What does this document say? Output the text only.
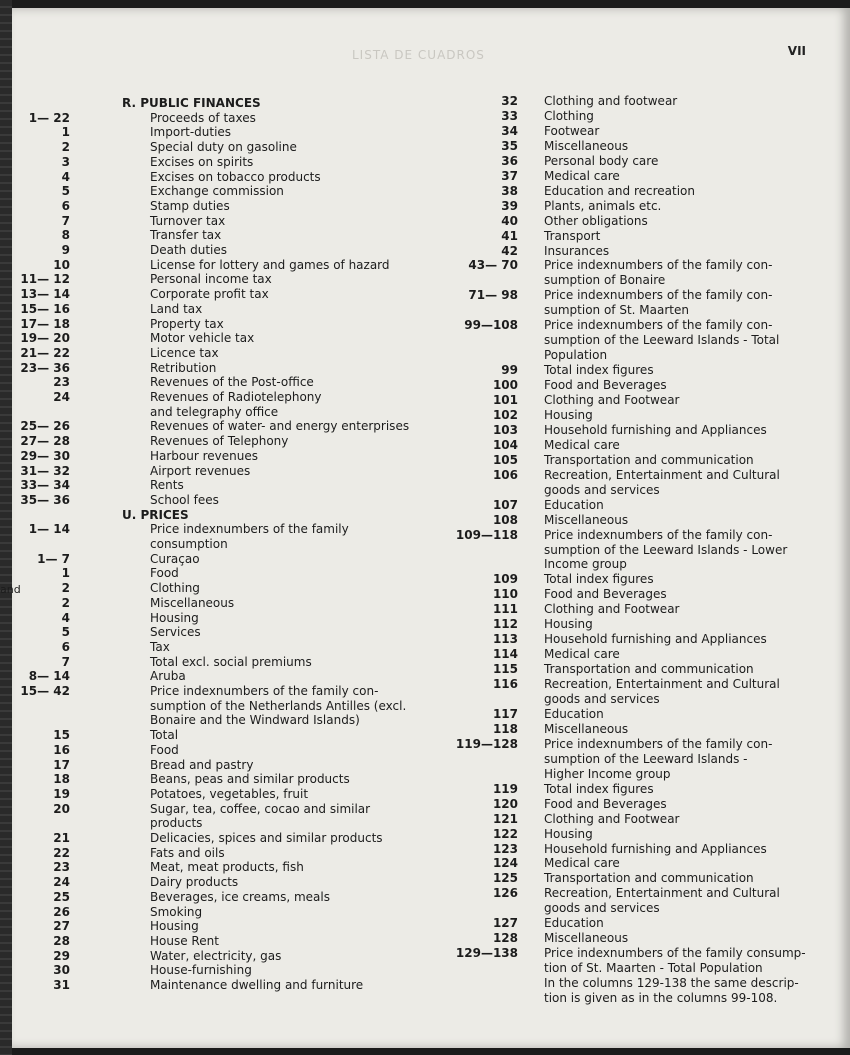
LISTA DE CUADROS	VII
R. PUBLIC FINANCES
1— 22	Proceeds of taxes
1	Import-duties
2	Special duty on gasoline
3	Excises on spirits
4	Excises on tobacco products
5	Exchange commission
6	Stamp duties
7	Turnover tax
8	Transfer tax
9	Death duties
10	License for lottery and games of hazard
11— 12	Personal income tax
13— 14	Corporate profit tax
15— 16	Land tax
17— 18	Property tax
19— 20	Motor vehicle tax
21— 22	Licence tax
23— 36	Retribution
23	Revenues of the Post-office
24	Revenues of Radiotelephony
and telegraphy office
25— 26	Revenues of water- and energy enterprises
27— 28	Revenues of Telephony
29— 30	Harbour revenues
31— 32	Airport revenues
33— 34	Rents
35— 36	School fees
U. PRICES
1— 14	Price indexnumbers of the family
consumption
1— 7	Curaçao
1	Food
2	Clothing
2	Miscellaneous
4	Housing
5	Services
6	Tax
7	Total excl. social premiums
8— 14	Aruba
15— 42	Price indexnumbers of the family con-
sumption of the Netherlands Antilles (excl.
Bonaire and the Windward Islands)
15	Total
16	Food
17	Bread and pastry
18	Beans, peas and similar products
19	Potatoes, vegetables, fruit
20	Sugar, tea, coffee, cocao and similar
products
21	Delicacies, spices and similar products
22	Fats and oils
23	Meat, meat products, fish
24	Dairy products
25	Beverages, ice creams, meals
26	Smoking
27	Housing
28	House Rent
29	Water, electricity, gas
30	House-furnishing
31	Maintenance dwelling and furniture
32 Clothing and footwear
33 Clothing
34 Footwear
35 Miscellaneous
36 Personal body care
37 Medical care
38 Education and recreation
39 Plants, animals etc.
40 Other obligations
41 Transport
42 Insurances
43— 70 Price indexnumbers of the family con-
sumption of Bonaire
71— 98 Price indexnumbers of the family con-
sumption of St. Maarten
99—108 Price indexnumbers of the family con-
sumption of the Leeward Islands - Total
Population
99 Total index figures
100 Food and Beverages
101 Clothing and Footwear
102 Housing
103 Household furnishing and Appliances
104 Medical care
105 Transportation and communication
106 Recreation, Entertainment and Cultural
goods and services
107 Education
108 Miscellaneous
109—118 Price indexnumbers of the family con-
sumption of the Leeward Islands - Lower
Income group
109 Total index figures
110 Food and Beverages
111 Clothing and Footwear
112 Housing
113 Household furnishing and Appliances
114 Medical care
115 Transportation and communication
116 Recreation, Entertainment and Cultural
goods and services
117 Education
118 Miscellaneous
119—128 Price indexnumbers of the family con-
sumption of the Leeward Islands -
Higher Income group
119 Total index figures
120 Food and Beverages
121 Clothing and Footwear
122 Housing
123 Household furnishing and Appliances
124 Medical care
125 Transportation and communication
126 Recreation, Entertainment and Cultural
goods and services
127 Education
128 Miscellaneous
129—138 Price indexnumbers of the family consump-
tion of St. Maarten - Total Population
In the columns 129-138 the same descrip-
tion is given as in the columns 99-108.
and
